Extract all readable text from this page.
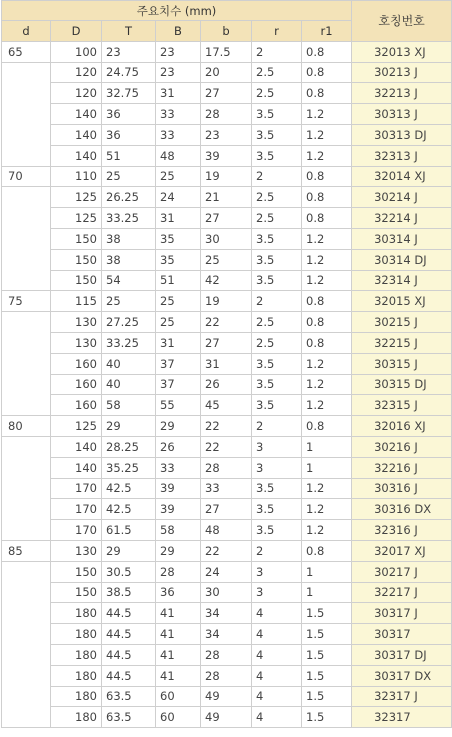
주요치수 (mm)							호칭번호
d	D	T	B	b	r	r1	
65	100	23	23	17.5	2	0.8	32013 XJ
	120	24.75	23	20	2.5	0.8	30213 J
	120	32.75	31	27	2.5	0.8	32213 J
	140	36	33	28	3.5	1.2	30313 J
	140	36	33	23	3.5	1.2	30313 DJ
	140	51	48	39	3.5	1.2	32313 J
70	110	25	25	19	2	0.8	32014 XJ
	125	26.25	24	21	2.5	0.8	30214 J
	125	33.25	31	27	2.5	0.8	32214 J
	150	38	35	30	3.5	1.2	30314 J
	150	38	35	25	3.5	1.2	30314 DJ
	150	54	51	42	3.5	1.2	32314 J
75	115	25	25	19	2	0.8	32015 XJ
	130	27.25	25	22	2.5	0.8	30215 J
	130	33.25	31	27	2.5	0.8	32215 J
	160	40	37	31	3.5	1.2	30315 J
	160	40	37	26	3.5	1.2	30315 DJ
	160	58	55	45	3.5	1.2	32315 J
80	125	29	29	22	2	0.8	32016 XJ
	140	28.25	26	22	3	1	30216 J
	140	35.25	33	28	3	1	32216 J
	170	42.5	39	33	3.5	1.2	30316 J
	170	42.5	39	27	3.5	1.2	30316 DX
	170	61.5	58	48	3.5	1.2	32316 J
85	130	29	29	22	2	0.8	32017 XJ
	150	30.5	28	24	3	1	30217 J
	150	38.5	36	30	3	1	32217 J
	180	44.5	41	34	4	1.5	30317 J
	180	44.5	41	34	4	1.5	30317
	180	44.5	41	28	4	1.5	30317 DJ
	180	44.5	41	28	4	1.5	30317 DX
	180	63.5	60	49	4	1.5	32317 J
	180	63.5	60	49	4	1.5	32317
